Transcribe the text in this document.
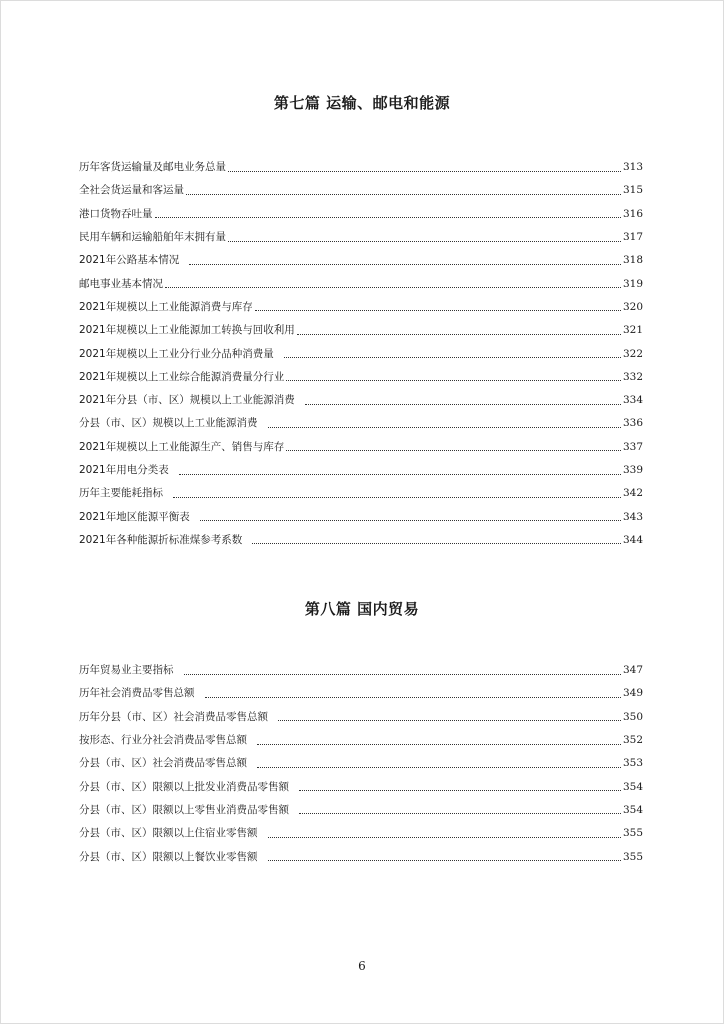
第七篇 运输、邮电和能源
历年客货运输量及邮电业务总量	313
全社会货运量和客运量	315
港口货物吞吐量	316
民用车辆和运输船舶年末拥有量	317
2021年公路基本情况	318
邮电事业基本情况	319
2021年规模以上工业能源消费与库存	320
2021年规模以上工业能源加工转换与回收利用	321
2021年规模以上工业分行业分品种消费量	322
2021年规模以上工业综合能源消费量分行业	332
2021年分县（市、区）规模以上工业能源消费	334
分县（市、区）规模以上工业能源消费	336
2021年规模以上工业能源生产、销售与库存	337
2021年用电分类表	339
历年主要能耗指标	342
2021年地区能源平衡表	343
2021年各种能源折标准煤参考系数	344
第八篇 国内贸易
历年贸易业主要指标	347
历年社会消费品零售总额	349
历年分县（市、区）社会消费品零售总额	350
按形态、行业分社会消费品零售总额	352
分县（市、区）社会消费品零售总额	353
分县（市、区）限额以上批发业消费品零售额	354
分县（市、区）限额以上零售业消费品零售额	354
分县（市、区）限额以上住宿业零售额	355
分县（市、区）限额以上餐饮业零售额	355
6
